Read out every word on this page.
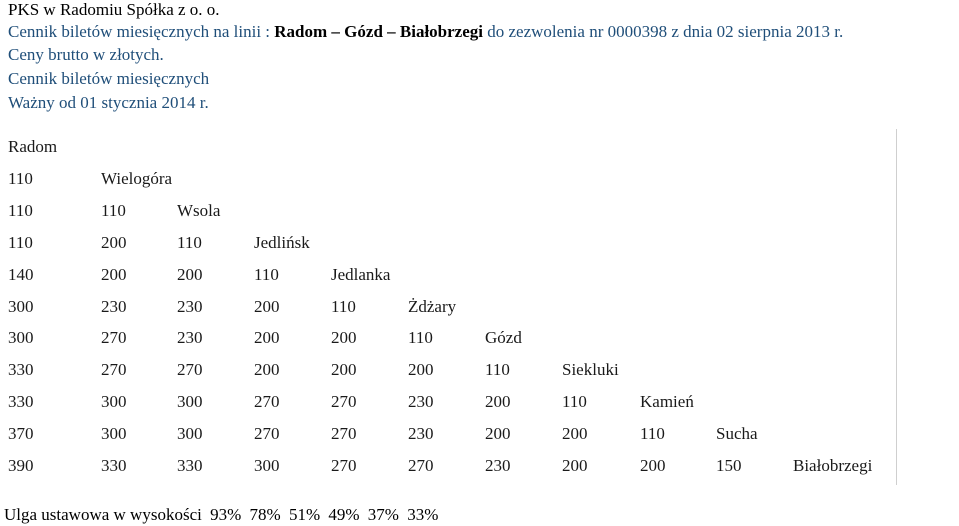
PKS w Radomiu Spółka z o. o.
Cennik biletów miesięcznych na linii : Radom – Gózd – Białobrzegi do zezwolenia nr 0000398 z dnia 02 sierpnia 2013 r.
Ceny brutto w złotych.
Cennik biletów miesięcznych
Ważny od 01 stycznia 2014 r.
Radom
110	Wielogóra
110	110	Wsola
110	200	110	Jedlińsk
140	200	200	110	Jedlanka
300	230	230	200	110	Żdżary
300	270	230	200	200	110	Gózd
330	270	270	200	200	200	110	Siekluki
330	300	300	270	270	230	200	110	Kamień
370	300	300	270	270	230	200	200	110	Sucha
390	330	330	300	270	270	230	200	200	150	Białobrzegi
Ulga ustawowa w wysokości 93% 78% 51% 49% 37% 33%
